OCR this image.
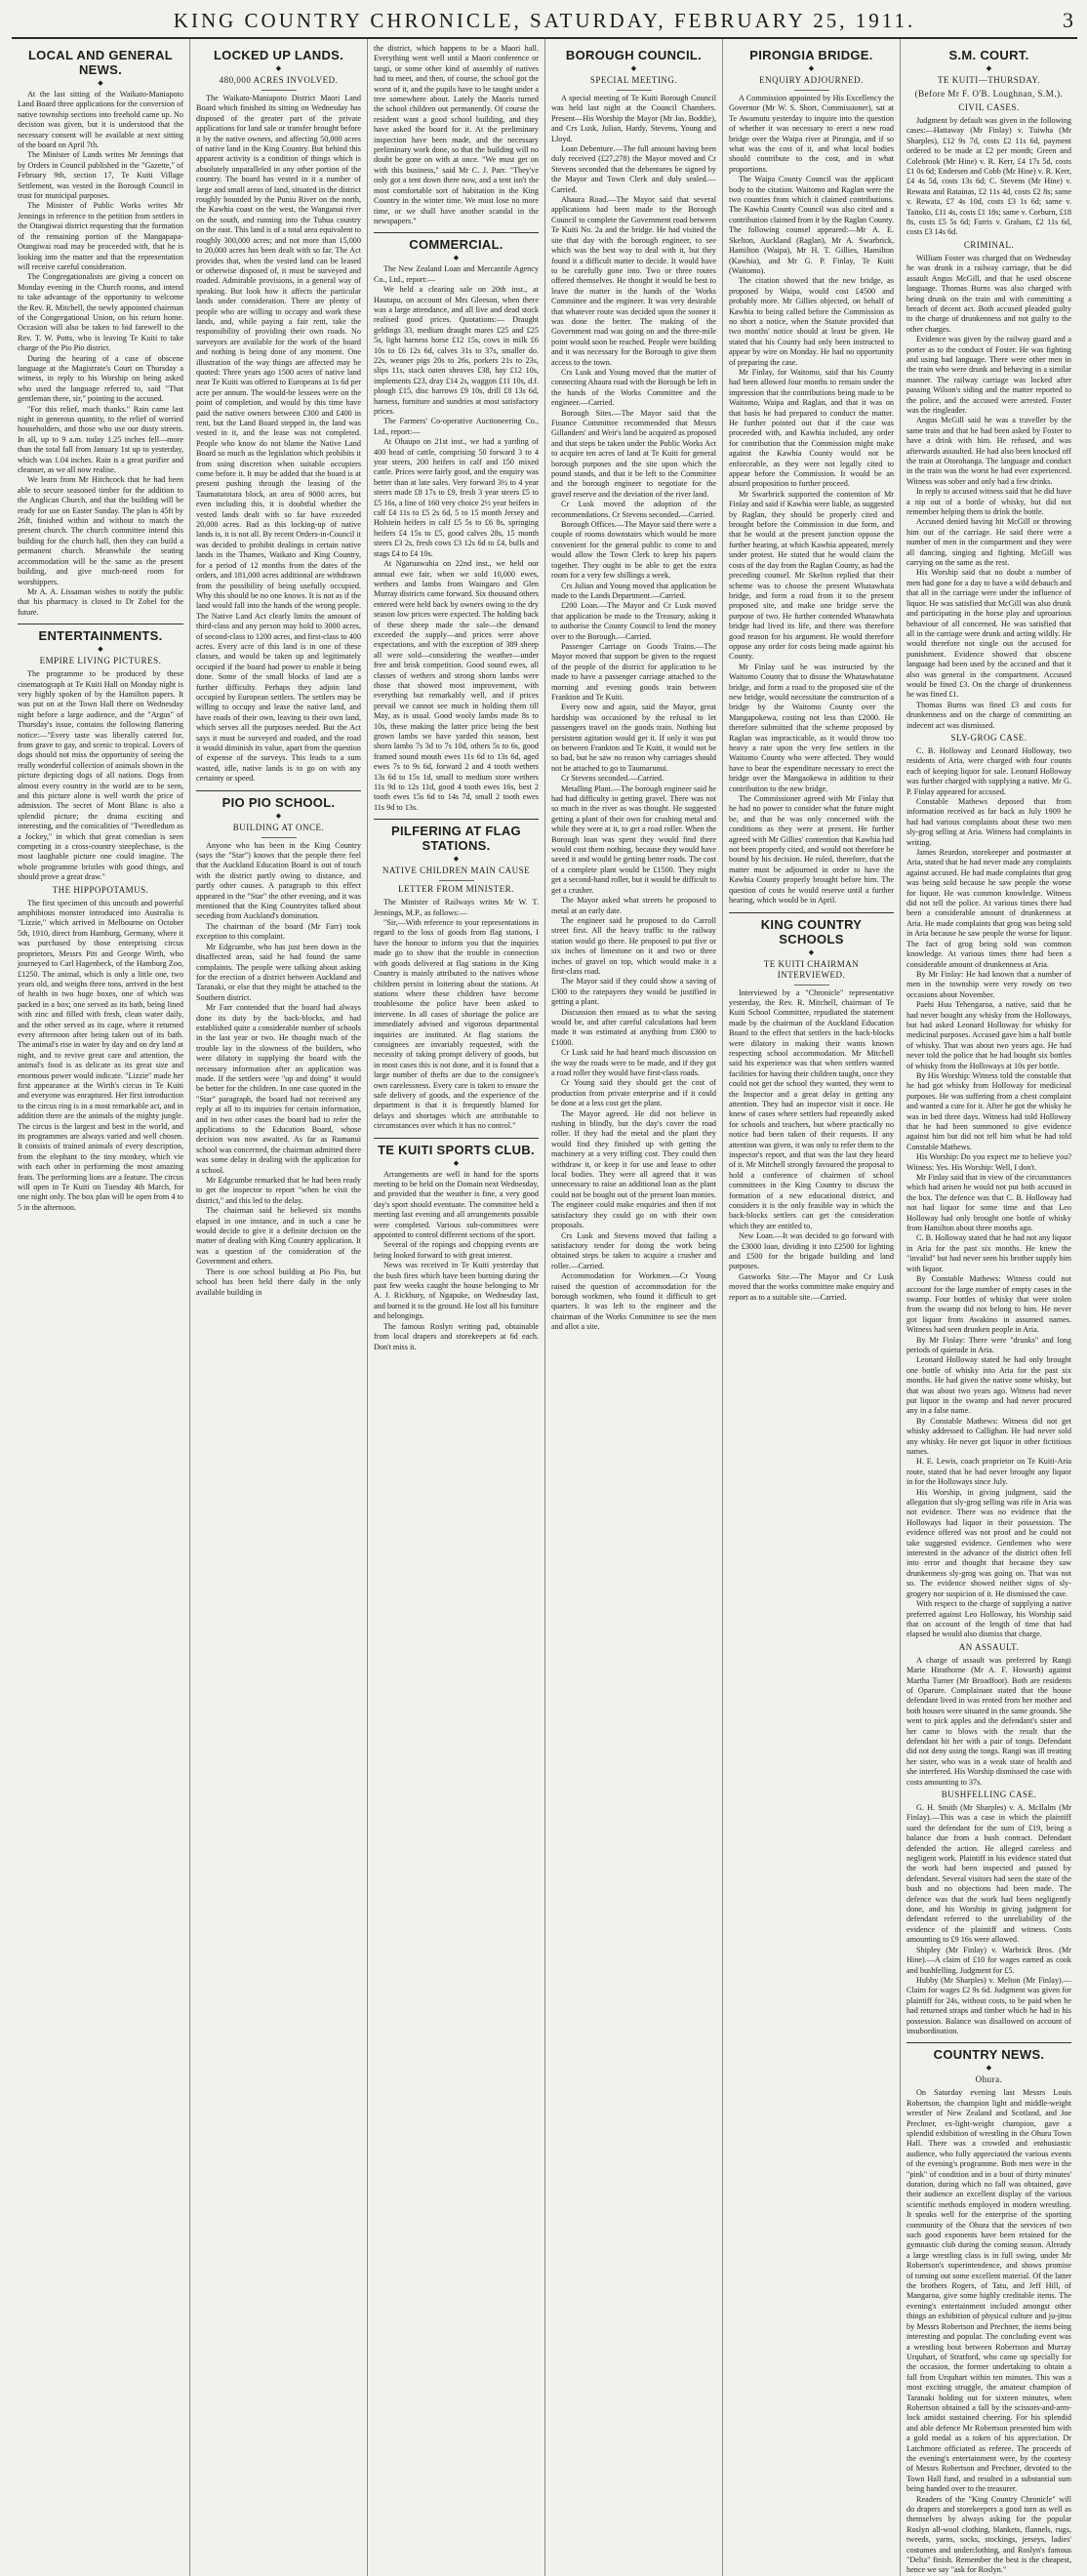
KING COUNTRY CHRONICLE, SATURDAY, FEBRUARY 25, 1911.	3
LOCAL AND GENERAL NEWS.
◆

At the last sitting of the Waikato-Maniapoto Land Board three applications for the conversion of native township sections into freehold came up. No decision was given, but it is understood that the necessary consent will be available at next sitting of the board on April 7th.

The Minister of Lands writes Mr Jennings that by Orders in Council published in the "Gazette," of February 9th, section 17, Te Kuiti Village Settlement, was vested in the Borough Council in trust for municipal purposes.

The Minister of Public Works writes Mr Jennings in reference to the petition from settlers in the Otangiwai district requesting that the formation of the remaining portion of the Mangapapa-Otangiwai road may be proceeded with, that he is looking into the matter and that the representation will receive careful consideration.

The Congregationalists are giving a concert on Monday evening in the Church rooms, and intend to take advantage of the opportunity to welcome the Rev. R. Mitchell, the newly appointed chairman of the Congregational Union, on his return home. Occasion will also be taken to bid farewell to the Rev. T. W. Potts, who is leaving Te Kuiti to take charge of the Pio Pio district.

During the hearing of a case of obscene language at the Magistrate's Court on Thursday a witness, in reply to his Worship on being asked who used the language referred to, said "That gentleman there, sir," pointing to the accused.

"For this relief, much thanks." Rain came last night in generous quantity, to the relief of worried householders, and those who use our dusty streets. In all, up to 9 a.m. today 1.25 inches fell—more than the total fall from January 1st up to yesterday, which was 1.04 inches. Rain is a great purifier and cleanser, as we all now realise.

We learn from Mr Hitchcock that he had been able to secure seasoned timber for the addition to the Anglican Church, and that the building will be ready for use on Easter Sunday. The plan is 45ft by 26ft, finished within and without to match the present church. The church committee intend this building for the church hall, then they can build a permanent church. Meanwhile the seating accommodation will be the same as the present building, and give much-need room for worshippers.

Mr A. A. Lissaman wishes to notify the public that his pharmacy is closed to Dr Zobel for the future.

ENTERTAINMENTS.
◆
EMPIRE LIVING PICTURES.

The programme to be produced by these cinematograph at Te Kuiti Hall on Monday night is very highly spoken of by the Hamilton papers. It was put on at the Town Hall there on Wednesday night before a large audience, and the "Argus" of Thursday's issue, contains the following flattering notice:—"Every taste was liberally catered for, from grave to gay, and scenic to tropical. Lovers of dogs should not miss the opportunity of seeing the really wonderful collection of animals shown in the picture depicting dogs of all nations. Dogs from almost every country in the world are to be seen, and this picture alone is well worth the price of admission. The secret of Mont Blanc is also a splendid picture; the drama exciting and interesting, and the comicalities of "Tweedledum as a Jockey," in which that great comedian is seen competing in a cross-country steeplechase, is the most laughable picture one could imagine. The whole programme bristles with good things, and should prove a great draw."

THE HIPPOPOTAMUS.

The first specimen of this uncouth and powerful amphibious monster introduced into Australia is "Lizzie," which arrived in Melbourne on October 5th, 1910, direct from Hamburg, Germany, where it was purchased by those enterprising circus proprietors, Messrs Pitt and George Wirth, who journeyed to Carl Hagenbeck, of the Hamburg Zoo, £1250. The animal, which is only a little one, two years old, and weighs three tons, arrived in the best of health in two huge boxes, one of which was packed in a box; one served as its bath, being lined with zinc and filled with fresh, clean water daily, and the other served as its cage, where it returned every afternoon after being taken out of its bath. The animal's rise in water by day and on dry land at night, and to revive great care and attention, the animal's food is as delicate as its great size and enormous power would indicate. "Lizzie" made her first appearance at the Wirth's circus in Te Kuiti and everyone was enraptured. Her first introduction to the circus ring is in a most remarkable act, and in addition there are the animals of the mighty jungle. The circus is the largest and best in the world, and its programmes are always varied and well chosen. It consists of trained animals of every description, from the elephant to the tiny monkey, which vie with each other in performing the most amazing feats. The performing lions are a feature. The circus will open in Te Kuiti on Tuesday 4th March, for one night only. The box plan will be open from 4 to 5 in the afternoon.

LOCKED UP LANDS.
◆
480,000 ACRES INVOLVED.

The Waikato-Maniapoto District Maori Land Board which finished its sitting on Wednesday has disposed of the greater part of the private applications for land sale or transfer brought before it by the native owners, and affecting 50,000 acres of native land in the King Country. But behind this apparent activity is a condition of things which is absolutely unparalleled in any other portion of the country. The board has vested in it a number of large and small areas of land, situated in the district roughly bounded by the Puniu River on the north, the Kawhia coast on the west, the Wanganui river on the south, and running into the Tuhua country on the east. This land is of a total area equivalent to roughly 300,000 acres; and not more than 15,000 to 20,000 acres has been dealt with so far. The Act provides that, when the vested land can be leased or otherwise disposed of, it must be surveyed and roaded. Admirable provisions, in a general way of speaking. But look how it affects the particular lands under consideration. There are plenty of people who are willing to occupy and work these lands, and, while paying a fair rent, take the responsibility of providing their own roads. No surveyors are available for the work of the board and nothing is being done of any moment. One illustration of the way things are affected may be quoted: Three years ago 1500 acres of native land near Te Kuiti was offered to Europeans at 1s 6d per acre per annum. The would-be lessees were on the point of completion, and would by this time have paid the native owners between £300 and £400 in rent, but the Land Board stepped in, the land was vested in it, and the lease was not completed. People who know do not blame the Native Land Board so much as the legislation which prohibits it from using discretion when suitable occupiers come before it. It may be added that the board is at present pushing through the leasing of the Taumatatotara block, an area of 9000 acres, but even including this, it is doubtful whether the vested lands dealt with so far have exceeded 20,000 acres. Bad as this locking-up of native lands is, it is not all. By recent Orders-in-Council it was decided to prohibit dealings in certain native lands in the Thames, Waikato and King Country, for a period of 12 months from the dates of the orders, and 181,000 acres additional are withdrawn from the possibility of being usefully occupied. Why this should be no one knows. It is not as if the land would fall into the hands of the wrong people. The Native Land Act clearly limits the amount of third-class and any person may hold to 3000 acres, of second-class to 1200 acres, and first-class to 400 acres. Every acre of this land is in one of these classes, and would be taken up and legitimately occupied if the board had power to enable it being done. Some of the small blocks of land are a further difficulty. Perhaps they adjoin land occupied by European settlers. The settlers may be willing to occupy and lease the native land, and have roads of their own, leaving to their own land, which serves all the purposes needed. But the Act says it must be surveyed and roaded, and the road it would diminish its value, apart from the question of expense of the surveys. This leads to a sum wasted, idle, native lands is to go on with any certainty or speed.

PIO PIO SCHOOL.
◆
BUILDING AT ONCE.

Anyone who has been in the King Country (says the "Star") knows that the people there feel that the Auckland Education Board is out of touch with the district partly owing to distance, and partly other causes. A paragraph to this effect appeared in the "Star" the other evening, and it was mentioned that the King Countryites talked about seceding from Auckland's domination.

The chairman of the board (Mr Farr) took exception to this complaint.

Mr Edgcumbe, who has just been down in the disaffected areas, said he had found the same complaints. The people were talking about asking for the erection of a district between Auckland and Taranaki, or else that they might be attached to the Southern district.

Mr Farr contended that the board had always done its duty by the back-blocks, and had established quite a considerable number of schools in the last year or two. He thought much of the trouble lay in the slowness of the builders, who were dilatory in supplying the board with the necessary information after an application was made. If the settlers were "up and doing" it would be better for the children. In one case quoted in the "Star" paragraph, the board had not received any reply at all to its inquiries for certain information, and in two other cases the board had to refer the applications to the Education Board, whose decision was now awaited. As far as Rumanui school was concerned, the chairman admitted there was some delay in dealing with the application for a school.

Mr Edgcumbe remarked that he had been ready to get the inspector to report "when he visit the district," and this led to the delay.

The chairman said he believed six months elapsed in one instance, and in such a case he would decide to give it a definite decision on the matter of dealing with King Country application. It was a question of the consideration of the Government and others.

There is one school building at Pio Pio, but school has been held there daily in the only available building in

the district, which happens to be a Maori hall. Everything went well until a Maori conference or tangi, or some other kind of assembly of natives had to meet, and then, of course, the school got the worst of it, and the pupils have to be taught under a tree somewhere about. Lately the Maoris turned the school children out permanently. Of course the resident want a good school building, and they have asked the board for it. At the preliminary inspection have been made, and the necessary preliminary work done, so that the building will no doubt be gone on with at once. "We must get on with this business," said Mr C. J. Parr. "They've only got a tent down there now, and a tent isn't the most comfortable sort of habitation in the King Country in the winter time. We must lose no more time, or we shall have another scandal in the newspapers."

COMMERCIAL.
◆

The New Zealand Loan and Mercantile Agency Co., Ltd., report:—

We held a clearing sale on 20th inst., at Hautapu, on account of Mrs Gleeson, when there was a large attendance, and all live and dead stock realised good prices. Quotations:— Draught geldings 33, medium draught mares £25 and £25 5s, light harness horse £12 15s, cows in milk £6 10s to £6 12s 6d, calves 31s to 37s, smaller do. 22s, weaner pigs 20s to 26s, porkers 21s to 23s, slips 11s, stack oaten sheaves £38, hay £12 10s, implements £23, dray £14 2s, waggon £11 10s, d.f. plough £15, disc harrows £9 10s, drill £8 13s 6d, harness, furniture and sundries at most satisfactory prices.

The Farmers' Co-operative Auctioneering Co., Ltd., report:—

At Ohaupo on 21st inst., we had a yarding of 400 head of cattle, comprising 50 forward 3 to 4 year steers, 200 heifers in calf and 150 mixed cattle. Prices were fairly good, and the enquiry was better than at late sales. Very forward 3½ to 4 year steers made £8 17s to £9, fresh 3 year steers £5 to £5 16s, a line of 160 very choice 2½ year heifers in calf £4 11s to £5 2s 6d, 5 to 15 month Jersey and Holstein heifers in calf £5 5s to £6 8s, springing heifers £4 15s to £5, good calves 28s, 15 month steers £3 2s, fresh cows £3 12s 6d to £4, bulls and stags £4 to £4 10s.

At Ngaruawahia on 22nd inst., we held our annual ewe fair, when we sold 10,000 ewes, wethers and lambs from Waingaro and Glen Murray districts came forward. Six thousand others entered were held back by owners owing to the dry season low prices were expected. The holding back of these sheep made the sale—the demand exceeded the supply—and prices were above expectations, and with the exception of 389 sheep all were sold—considering the weather—under free and brisk competition. Good sound ewes, all classes of wethers and strong shorn lambs were those that showed most improvement, with everything but remarkably well, and if prices prevail we cannot see much in holding them till May, as is usual. Good wooly lambs made 8s to 10s, these making the latter price being the best grown lambs we have yarded this season, best shorn lambs 7s 3d to 7s 10d, others 5s to 6s, good framed sound mouth ewes 11s 6d to 13s 6d, aged ewes 7s to 9s 6d, forward 2 and 4 tooth wethers 13s 6d to 15s 1d, small to medium store wethers 11s 9d to 12s 11d, good 4 tooth ewes 16s, best 2 tooth ewes 15s 6d to 14s 7d, small 2 tooth ewes 11s 9d to 13s.

PILFERING AT FLAG STATIONS.
◆
NATIVE CHILDREN MAIN CAUSE
LETTER FROM MINISTER.

The Minister of Railways writes Mr W. T. Jennings, M.P., as follows:—

"Sir,—With reference to your representations in regard to the loss of goods from flag stations, I have the honour to inform you that the inquiries made go to show that the trouble in connection with goods delivered at flag stations in the King Country is mainly attributed to the natives whose children persist in loitering about the stations. At stations where these children have become troublesome the police have been asked to intervene. In all cases of shortage the police are immediately advised and vigorous departmental inquiries are instituted. At flag stations the consignees are invariably requested, with the necessity of taking prompt delivery of goods, but in most cases this is not done, and it is found that a large number of thefts are due to the consignee's own carelessness. Every care is taken to ensure the safe delivery of goods, and the experience of the department is that it is frequently blamed for delays and shortages which are attributable to circumstances over which it has no control."

TE KUITI SPORTS CLUB.
◆

Arrangements are well in hand for the sports meeting to be held on the Domain next Wednesday, and provided that the weather is fine, a very good day's sport should eventuate. The committee held a meeting last evening and all arrangements possible were completed. Various sub-committees were appointed to control different sections of the sport.

Several of the ropings and chopping events are being looked forward to with great interest.

News was received in Te Kuiti yesterday that the bush fires which have been burning during the past few weeks caught the house belonging to Mr A. J. Rickbury, of Ngapuke, on Wednesday last, and burned it to the ground. He lost all his furniture and belongings.

The famous Roslyn writing pad, obtainable from local drapers and storekeepers at 6d each. Don't miss it.

BOROUGH COUNCIL.
◆
SPECIAL MEETING.

A special meeting of Te Kuiti Borough Council was held last night at the Council Chambers. Present—His Worship the Mayor (Mr Jas. Boddie), and Crs Lusk, Julian, Hardy, Stevens, Young and Lloyd.

Loan Debenture.—The full amount having been duly received (£27,278) the Mayor moved and Cr Stevens seconded that the debentures be signed by the Mayor and Town Clerk and duly sealed.—Carried.

Ahaura Road.—The Mayor said that several applications had been made to the Borough Council to complete the Government road between Te Kuiti No. 2a and the bridge. He had visited the site that day with the borough engineer, to see which was the best way to deal with it, but they found it a difficult matter to decide. It would have to be carefully gone into. Two or three routes offered themselves. He thought it would be best to leave the matter in the hands of the Works Committee and the engineer. It was very desirable that whatever route was decided upon the sooner it was done the better. The making of the Government road was going on and the three-mile point would soon be reached. People were building and it was necessary for the Borough to give them access to the town.

Crs Lusk and Young moved that the matter of connecting Ahaura road with the Borough be left in the hands of the Works Committee and the engineer.—Carried.

Borough Sites.—The Mayor said that the Finance Committee recommended that Messrs Gillanders' and Weir's land be acquired as proposed and that steps be taken under the Public Works Act to acquire ten acres of land at Te Kuiti for general borough purposes and the site upon which the pound stands, and that it be left to the Committee and the borough engineer to negotiate for the gravel reserve and the deviation of the river land.

Cr Lusk moved the adoption of the recommendations. Cr Stevens seconded.—Carried.

Borough Offices.—The Mayor said there were a couple of rooms downstairs which would be more convenient for the general public to come to and would allow the Town Clerk to keep his papers together. They ought to be able to get the extra room for a very few shillings a week.

Crs Julian and Young moved that application be made to the Lands Department.—Carried.

£200 Loan.—The Mayor and Cr Lusk moved that application be made to the Treasury, asking it to authorise the County Council to lend the money over to the Borough.—Carried.

Passenger Carriage on Goods Trains.—The Mayor moved that support be given to the request of the people of the district for application to be made to have a passenger carriage attached to the morning and evening goods train between Frankton and Te Kuiti.

Every now and again, said the Mayor, great hardship was occasioned by the refusal to let passengers travel on the goods train. Nothing but persistent agitation would get it. If only it was put on between Frankton and Te Kuiti, it would not be so bad, but he saw no reason why carriages should not be attached to go to Taumarunui.

Cr Stevens seconded.—Carried.

Metalling Plant.—The borough engineer said he had had difficulty in getting gravel. There was not so much in the river as was thought. He suggested getting a plant of their own for crushing metal and while they were at it, to get a road roller. When the Borough loan was spent they would find there would cost them nothing, because they would have saved it and would be getting better roads. The cost of a complete plant would be £1500. They might get a second-hand roller, but it would be difficult to get a crusher.

The Mayor asked what streets he proposed to metal at an early date.

The engineer said he proposed to do Carroll street first. All the heavy traffic to the railway station would go there. He proposed to put five or six inches of limestone on it and two or three inches of gravel on top, which would make it a first-class road.

The Mayor said if they could show a saving of £300 to the ratepayers they would be justified in getting a plant.

Discussion then ensued as to what the saving would be, and after careful calculations had been made it was estimated at anything from £300 to £1000.

Cr Lusk said he had heard much discussion on the way the roads were to be made, and if they got a road roller they would have first-class roads.

Cr Young said they should get the cost of production from private enterprise and if it could be done at a less cost get the plant.

The Mayor agreed. He did not believe in rushing in blindly, but the day's cover the road roller. If they had the metal and the plant they would find they finished up with getting the machinery at a very trifling cost. They could then withdraw it, or keep it for use and lease to other local bodies. They were all agreed that it was unnecessary to raise an additional loan as the plant could not be bought out of the present loan monies. The engineer could make enquiries and then if not satisfactory they could go on with their own proposals.

Crs Lusk and Stevens moved that failing a satisfactory tender for doing the work being obtained steps be taken to acquire a crusher and roller.—Carried.

Accommodation for Workmen.—Cr Young raised the question of accommodation for the borough workmen, who found it difficult to get quarters. It was left to the engineer and the chairman of the Works Committee to see the men and allot a site.

PIRONGIA BRIDGE.
◆
ENQUIRY ADJOURNED.

A Commission appointed by His Excellency the Governor (Mr W. S. Short, Commissioner), sat at Te Awamutu yesterday to inquire into the question of whether it was necessary to erect a new road bridge over the Waipa river at Pirongia, and if so what was the cost of it, and what local bodies should contribute to the cost, and in what proportions.

The Waipa County Council was the applicant body to the citation. Waitomo and Raglan were the two counties from which it claimed contributions. The Kawhia County Council was also cited and a contribution claimed from it by the Raglan County. The following counsel appeared:—Mr A. E. Skelton, Auckland (Raglan), Mr A. Swarbrick, Hamilton (Waipa), Mr H. T. Gillies, Hamilton (Kawhia), and Mr G. P. Finlay, Te Kuiti (Waitomo).

The citation showed that the new bridge, as proposed by Waipa, would cost £4500 and probably more. Mr Gillies objected, on behalf of Kawhia to being called before the Commission as no short a notice, when the Statute provided that two months' notice should at least be given. He stated that his County had only been instructed to appear by wire on Monday. He had no opportunity of preparing the case.

Mr Finlay, for Waitomo, said that his County had been allowed four months to remain under the impression that the contributions being made to be Waitomo, Waipa and Raglan, and that it was on that basis he had prepared to conduct the matter. He further pointed out that if the case was proceeded with, and Kawhia included, any order for contribution that the Commission might make against the Kawhia County would not be enforceable, as they were not legally cited to appear before the Commission. It would be an absurd proposition to further proceed.

Mr Swarbrick supported the contention of Mr Finlay and said if Kawhia were liable, as suggested by Raglan, they should be properly cited and brought before the Commission in due form, and that he would at the present junction oppose the further hearing, at which Kawhia appeared, merely under protest. He stated that he would claim the costs of the day from the Raglan County, as had the preceding counsel. Mr Skelton replied that their scheme was to choose the present Whatawhata bridge, and form a road from it to the present proposed site, and make one bridge serve the purpose of two. He further contended Whatawhata bridge had lived its life, and there was therefore good reason for his argument. He would therefore oppose any order for costs being made against his County.

Mr Finlay said he was instructed by the Waitomo County that to disuse the Whatawhatatoe bridge, and form a road to the proposed site of the new bridge, would necessitate the construction of a bridge by the Waitomo County over the Mangapokewa, costing not less than £2000. He therefore submitted that the scheme proposed by Raglan was impracticable, as it would throw too heavy a rate upon the very few settlers in the Waitomo County who were affected. They would have to bear the expenditure necessary to erect the bridge over the Mangaokewa in addition to their contribution to the new bridge.

The Commissioner agreed with Mr Finlay that he had no power to consider what the future might be, and that he was only concerned with the conditions as they were at present. He further agreed with Mr Gillies' contention that Kawhia had not been properly cited, and would not therefore be bound by his decision. He ruled, therefore, that the matter must be adjourned in order to have the Kawhia County properly brought before him. The question of costs he would reserve until a further hearing, which would be in April.

KING COUNTRY SCHOOLS
◆
TE KUITI CHAIRMAN INTERVIEWED.

Interviewed by a "Chronicle" representative yesterday, the Rev. R. Mitchell, chairman of Te Kuiti School Committee, repudiated the statement made by the chairman of the Auckland Education Board to the effect that settlers in the back-blocks were dilatory in making their wants known respecting school accommodation. Mr Mitchell said his experience was that when settlers wanted facilities for having their children taught, once they could not get the school they wanted, they went to the Inspector and a great delay in getting any attention. They had an inspector visit it once. He knew of cases where settlers had repeatedly asked for schools and teachers, but where practically no notice had been taken of their requests. If any attention was given, it was only to refer them to the inspector's report, and that was the last they heard of it. Mr Mitchell strongly favoured the proposal to hold a conference of chairmen of school committees in the King Country to discuss the formation of a new educational district, and considers it is the only feasible way in which the back-blocks settlers can get the consideration which they are entitled to.

New Loan.—It was decided to go forward with the £3000 loan, dividing it into £2500 for lighting and £500 for the brigade building and land purposes.

Gasworks Site.—The Mayor and Cr Lusk moved that the works committee make enquiry and report as to a suitable site.—Carried.

S.M. COURT.
◆
TE KUITI—THURSDAY.
(Before Mr F. O'B. Loughnan, S.M.).
CIVIL CASES.

Judgment by default was given in the following cases:—Hattaway (Mr Finlay) v. Tuiwha (Mr Sharples), £12 9s 7d, costs £2 11s 6d, payment ordered to be made at £2 per month; Green and Colebrook (Mr Hine) v. R. Kerr, £4 17s 5d, costs £1 0s 6d; Endersen and Cobb (Mr Hine) v. R. Kerr, £4 4s 5d, costs 13s 6d; C. Stevens (Mr Hine) v. Rewata and Ratainas, £2 11s 4d, costs £2 8s; same v. Rewata, £7 4s 10d, costs £3 1s 6d; same v. Taitoko, £11 4s, costs £1 18s; same v. Corburn, £18 8s, costs £5 5s 6d; Farris v. Graham, £2 11s 6d, costs £3 14s 6d.

CRIMINAL.

William Foster was charged that on Wednesday he was drunk in a railway carriage, that he did assault Angus McGill, and that he used obscene language. Thomas Burns was also charged with being drunk on the train and with committing a breach of decent act. Both accused pleaded guilty to the charge of drunkenness and not guilty to the other charges.

Evidence was given by the railway guard and a porter as to the conduct of Foster. He was fighting and using bad language. There were other men in the train who were drunk and behaving in a similar manner. The railway carriage was locked after passing Wilson's siding and the matter reported to the police, and the accused were arrested. Foster was the ringleader.

Angus McGill said he was a traveller by the same train and that he had been asked by Foster to have a drink with him. He refused, and was afterwards assaulted. He had also been knocked off the train at Otorohanga. The language and conduct in the train was the worst he had ever experienced. Witness was sober and only had a few drinks.

In reply to accused witness said that he did have a nip out of a bottle of whisky, but did not remember helping them to drink the bottle.

Accused denied having hit McGill or throwing him out of the carriage. He said there were a number of men in the compartment and they were all dancing, singing and fighting. McGill was carrying on the same as the rest.

His Worship said that no doubt a number of men had gone for a day to have a wild debauch and that all in the carriage were under the influence of liquor. He was satisfied that McGill was also drunk and participating in the horse play and uproarious behaviour of all concerned. He was satisfied that all in the carriage were drunk and acting wildly. He would therefore not single out the accused for punishment. Evidence showed that obscene language had been used by the accused and that it also was general in the compartment. Accused would be fined £3. On the charge of drunkenness he was fined £1.

Thomas Burns was fined £3 and costs for drunkenness and on the charge of committing an indecent act was dismissed.

SLY-GROG CASE.

C. B. Holloway and Leonard Holloway, two residents of Aria, were charged with four counts each of keeping liquor for sale. Leonard Holloway was further charged with supplying a native. Mr G. P. Finlay appeared for accused.

Constable Mathews deposed that from information received as far back as July 1909 he had had various complaints about these two men sly-grog selling at Aria. Witness had complaints in writing.

James Reardon, storekeeper and postmaster at Aria, stated that he had never made any complaints against accused. He had made complaints that grog was being sold because he saw people the worse for liquor. He was common knowledge. Witness did not tell the police. At various times there had been a considerable amount of drunkenness at Aria. He made complaints that grog was being sold in Aria because he saw people the worse for liquor. The fact of grog being sold was common knowledge. At various times there had been a considerable amount of drunkenness at Aria.

By Mr Finlay: He had known that a number of men in the township were very rowdy on two occasions about November.

Paehi Huu Tehengaroa, a native, said that he had never bought any whisky from the Holloways, but had asked Leonard Holloway for whisky for medicinal purposes. Accused gave him a half bottle of whisky. That was about two years ago. He had never told the police that he had bought six bottles of whisky from the Holloways at 10s per bottle.

By His Worship: Witness told the constable that he had got whisky from Holloway for medicinal purposes. He was suffering from a chest complaint and wanted a cure for it. After he got the whisky he was in bed three days. Witness had told Holloway that he had been summoned to give evidence against him but did not tell him what he had told Constable Mathews.

His Worship: Do you expect me to believe you? Witness: Yes. His Worship: Well, I don't.

Mr Finlay said that in view of the circumstances which had arisen he would not put both accused in the box. The defence was that C. B. Holloway had not had liquor for some time and that Leo Holloway had only brought one bottle of whisky from Hamilton about three months ago.

C. B. Holloway stated that he had not any liquor in Aria for the past six months. He knew the "invalid" but had never seen his brother supply him with liquor.

By Constable Mathews: Witness could not account for the large number of empty cases in the swamp. Four bottles of whisky that were stolen from the swamp did not belong to him. He never got liquor from Awakino in assumed names. Witness had seen drunken people in Aria.

By Mr Finlay: There were "drunks" and long periods of quietude in Aria.

Leonard Holloway stated he had only brought one bottle of whisky into Aria for the past six months. He had given the native some whisky, but that was about two years ago. Witness had never put liquor in the swamp and had never procured any in a false name.

By Constable Mathews: Witness did not get whisky addressed to Callighan. He had never sold any whisky. He never got liquor in other fictitious names.

H. E. Lewis, coach proprietor on Te Kuiti-Aria route, stated that he had never brought any liquor in for the Holloways since July.

His Worship, in giving judgment, said the allegation that sly-grog selling was rife in Aria was not evidence. There was no evidence that the Holloways had liquor in their possession. The evidence offered was not proof and he could not take suggested evidence. Gentlemen who were interested in the advance of the district often fell into error and thought that because they saw drunkenness sly-grog was going on. That was not so. The evidence showed neither signs of sly-grogery nor suspicion of it. He dismissed the case.

With respect to the charge of supplying a native preferred against Leo Holloway, his Worship said that on account of the length of time that had elapsed he would also dismiss that charge.

AN ASSAULT.

A charge of assault was preferred by Rangi Marie Hirathorne (Mr A. F. Howarth) against Martha Turner (Mr Broadfoot). Both are residents of Oparure. Complainant stated that the house defendant lived in was rented from her mother and both houses were situated in the same grounds. She went to pick apples and the defendant's sister and her came to blows with the result that the defendant hit her with a pair of tongs. Defendant did not deny using the tongs. Rangi was ill treating her sister, who was in a weak state of health and she interfered. His Worship dismissed the case with costs amounting to 37s.

BUSHFELLING CASE.

G. H. Smith (Mr Sharples) v. A. McIlalm (Mr Finlay).—This was a case in which the plaintiff sued the defendant for the sum of £19, being a balance due from a bush contract. Defendant defended the action. He alleged careless and negligent work. Plaintiff in his evidence stated that the work had been inspected and passed by defendant. Several visitors had seen the state of the bush and no objections had been made. The defence was that the work had been negligently done, and his Worship in giving judgment for defendant referred to the unreliability of the evidence of the plaintiff and witness. Costs amounting to £9 16s were allowed.

Shipley (Mr Finlay) v. Warbrick Bros. (Mr Hine).—A claim of £10 for wages earned as cook and bushfelling. Judgment for £5.

Hubby (Mr Sharples) v. Melton (Mr Finlay).—Claim for wages £2 9s 6d. Judgment was given for plaintiff for 24s, without costs, to be paid when he had returned straps and timber which he had in his possession. Balance was disallowed on account of insubordination.

COUNTRY NEWS.
◆
Ohura.

On Saturday evening last Messrs Louis Robertson, the champion light and middle-weight wrestler of New Zealand and Scotland, and Joe Prechner, ex-light-weight champion, gave a splendid exhibition of wrestling in the Ohura Town Hall. There was a crowded and enthusiastic audience, who fully appreciated the various events of the evening's programme. Both men were in the "pink" of condition and in a bout of thirty minutes' duration, during which no fall was obtained, gave their audience an excellent display of the various scientific methods employed in modern wrestling. It speaks well for the enterprise of the sporting community of the Ohura that the services of two such good exponents have been retained for the gymnastic club during the coming season. Already a large wrestling class is in full swing, under Mr Robertson's superintendence, and shows promise of turning out some excellent material. Of the latter the brothers Rogers, of Tatu, and Jeff Hill, of Mangaroa, give some highly creditable items. The evening's entertainment included amongst other things an exhibition of physical culture and ju-jitsu by Messrs Robertson and Prechner, the items being interesting and popular. The concluding event was a wrestling bout between Robertson and Murray Urquhart, of Stratford, who came up specially for the occasion, the former undertaking to obtain a fall from Urquhart within ten minutes. This was a most exciting struggle, the amateur champion of Taranaki holding out for sixteen minutes, when Robertson obtained a fall by the scissors-and-arm-lock amidst sustained cheering. For his splendid and able defence Mr Robertson presented him with a gold medal as a token of his appreciation. Dr Latchmore officiated as referee. The proceeds of the evening's entertainment were, by the courtesy of Messrs Robertson and Prechner, devoted to the Town Hall fund, and resulted in a substantial sum being handed over to the treasurer.

Readers of the "King Country Chronicle" will do drapers and storekeepers a good turn as well as themselves by always asking for the popular Roslyn all-wool clothing, blankets, flannels, rugs, tweeds, yarns, socks, stockings, jerseys, ladies' costumes and underclothing, and Roslyn's famous "Delta" finish. Remember the best is the cheapest, hence we say "ask for Roslyn."
